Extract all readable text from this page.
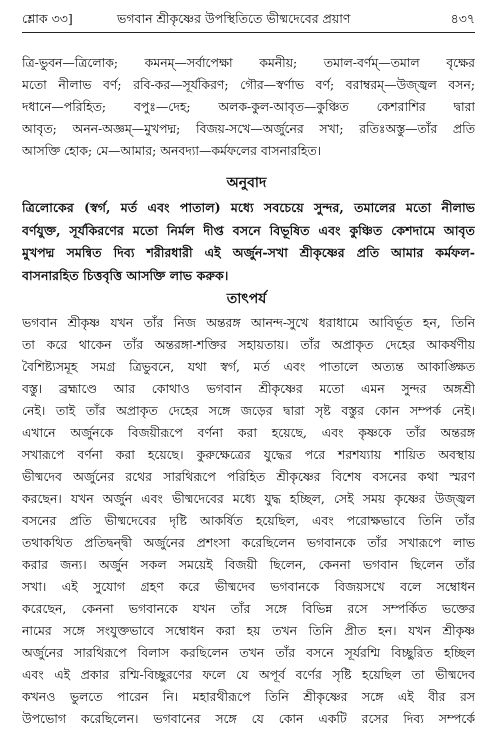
শ্লোক ৩৩]	ভগবান শ্রীকৃষ্ণের উপস্থিতিতে ভীষ্মদেবের প্রয়াণ	৪৩৭
ত্রি-ভুবন—ত্রিলোক; কমনম্—সর্বাপেক্ষা কমনীয়; তমাল-বর্ণম্—তমাল বৃক্ষের
মতো নীলাভ বর্ণ; রবি-কর—সূর্যকিরণ; গৌর—স্বর্ণাভ বর্ণ; বরাম্বরম্—উজ্জ্বল বসন;
দধানে—পরিহিত; বপুঃ—দেহ; অলক-কুল-আবৃত—কুঞ্চিত কেশরাশির দ্বারা
আবৃত; অনন-অজ্ঞম্—মুখপদ্ম; বিজয়-সখে—অর্জুনের সখা; রতিঃঅস্তু—তাঁর প্রতি
আসক্তি হোক; মে—আমার; অনবদ্যা—কর্মফলের বাসনারহিত।
অনুবাদ
ত্রিলোকের (স্বর্গ, মর্ত এবং পাতাল) মধ্যে সবচেয়ে সুন্দর, তমালের মতো নীলাভ
বর্ণযুক্ত, সূর্যকিরণের মতো নির্মল দীপ্ত বসনে বিভূষিত এবং কুঞ্চিত কেশদামে আবৃত
মুখপদ্ম সমন্বিত দিব্য শরীরধারী এই অর্জুন-সখা শ্রীকৃষ্ণের প্রতি আমার কর্মফল-
বাসনারহিত চিত্তবৃত্তি আসক্তি লাভ করুক।
তাৎপর্য
ভগবান শ্রীকৃষ্ণ যখন তাঁর নিজ অন্তরঙ্গ আনন্দ-সুখে ধরাধামে আবির্ভূত হন, তিনি
তা করে থাকেন তাঁর অন্তরঙ্গা-শক্তির সহায়তায়। তাঁর অপ্রাকৃত দেহের আকর্ষণীয়
বৈশিষ্ট্যসমূহ সমগ্র ত্রিভুবনে, যথা স্বর্গ, মর্ত এবং পাতালে অত্যন্ত আকাঙ্ক্ষিত
বস্তু। ব্রহ্মাণ্ডে আর কোথাও ভগবান শ্রীকৃষ্ণের মতো এমন সুন্দর অঙ্গশ্রী
নেই। তাই তাঁর অপ্রাকৃত দেহের সঙ্গে জড়ের দ্বারা সৃষ্ট বস্তুর কোন সম্পর্ক নেই।
এখানে অর্জুনকে বিজয়ীরূপে বর্ণনা করা হয়েছে, এবং কৃষ্ণকে তাঁর অন্তরঙ্গ
সখারূপে বর্ণনা করা হয়েছে। কুরুক্ষেত্রের যুদ্ধের পরে শরশয্যায় শায়িত অবস্থায়
ভীষ্মদেব অর্জুনের রথের সারথিরূপে পরিহিত শ্রীকৃষ্ণের বিশেষ বসনের কথা স্মরণ
করছেন। যখন অর্জুন এবং ভীষ্মদেবের মধ্যে যুদ্ধ হচ্ছিল, সেই সময় কৃষ্ণের উজ্জ্বল
বসনের প্রতি ভীষ্মদেবের দৃষ্টি আকর্ষিত হয়েছিল, এবং পরোক্ষভাবে তিনি তাঁর
তথাকথিত প্রতিদ্বন্দ্বী অর্জুনের প্রশংসা করেছিলেন ভগবানকে তাঁর সখারূপে লাভ
করার জন্য। অর্জুন সকল সময়েই বিজয়ী ছিলেন, কেননা ভগবান ছিলেন তাঁর
সখা। এই সুযোগ গ্রহণ করে ভীষ্মদেব ভগবানকে বিজয়সখে বলে সম্বোধন
করেছেন, কেননা ভগবানকে যখন তাঁর সঙ্গে বিভিন্ন রসে সম্পর্কিত ভক্তের
নামের সঙ্গে সংযুক্তভাবে সম্বোধন করা হয় তখন তিনি প্রীত হন। যখন শ্রীকৃষ্ণ
অর্জুনের সারথিরূপে বিলাস করছিলেন তখন তাঁর বসনে সূর্যরশ্মি বিচ্ছুরিত হচ্ছিল
এবং এই প্রকার রশ্মি-বিচ্ছুরণের ফলে যে অপূর্ব বর্ণের সৃষ্টি হয়েছিল তা ভীষ্মদেব
কখনও ভুলতে পারেন নি। মহারথীরূপে তিনি শ্রীকৃষ্ণের সঙ্গে এই বীর রস
উপভোগ করেছিলেন। ভগবানের সঙ্গে যে কোন একটি রসের দিব্য সম্পর্কে
